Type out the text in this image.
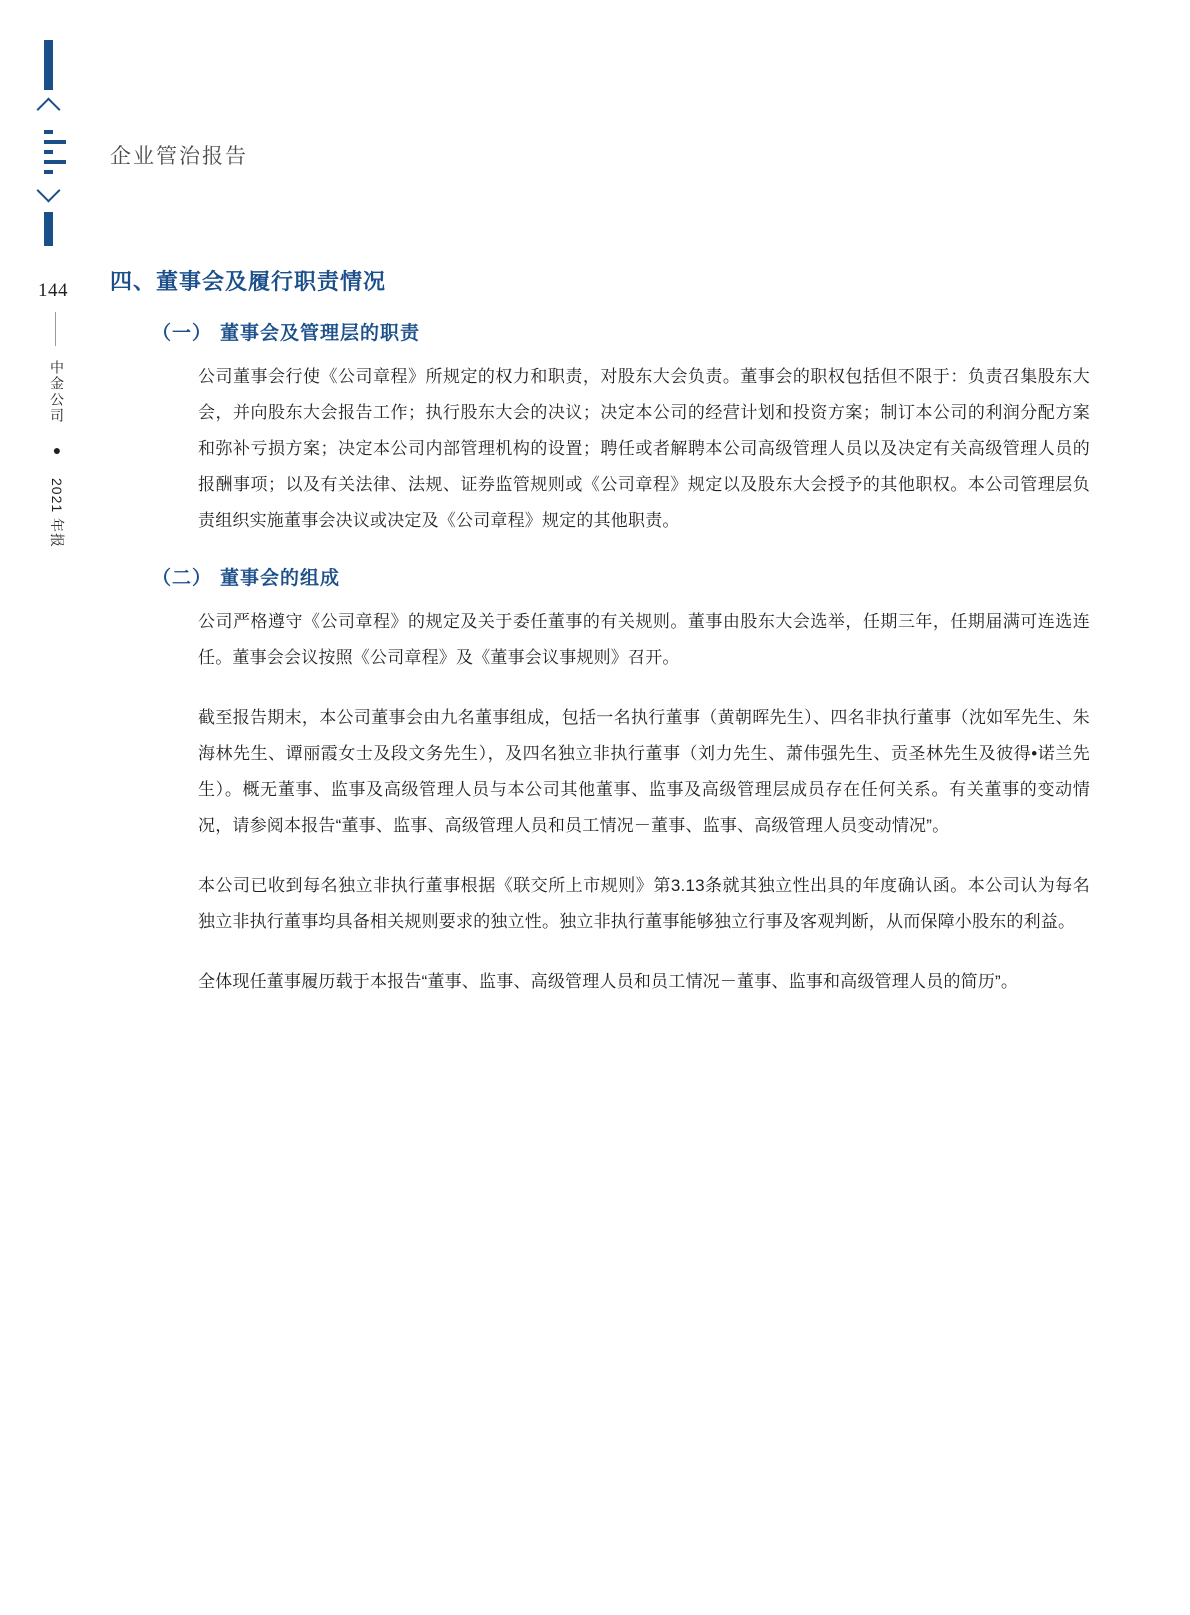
144
中金公司 ● 2021 年报
企业管治报告
四、董事会及履行职责情况
（一） 董事会及管理层的职责

公司董事会行使《公司章程》所规定的权力和职责，对股东大会负责。董事会的职权包括但不限于：负责召集股东大会，并向股东大会报告工作；执行股东大会的决议；决定本公司的经营计划和投资方案；制订本公司的利润分配方案和弥补亏损方案；决定本公司内部管理机构的设置；聘任或者解聘本公司高级管理人员以及决定有关高级管理人员的报酬事项；以及有关法律、法规、证券监管规则或《公司章程》规定以及股东大会授予的其他职权。本公司管理层负责组织实施董事会决议或决定及《公司章程》规定的其他职责。

（二） 董事会的组成

公司严格遵守《公司章程》的规定及关于委任董事的有关规则。董事由股东大会选举，任期三年，任期届满可连选连任。董事会会议按照《公司章程》及《董事会议事规则》召开。

截至报告期末，本公司董事会由九名董事组成，包括一名执行董事（黄朝晖先生）、四名非执行董事（沈如军先生、朱海林先生、谭丽霞女士及段文务先生），及四名独立非执行董事（刘力先生、萧伟强先生、贡圣林先生及彼得•诺兰先生）。概无董事、监事及高级管理人员与本公司其他董事、监事及高级管理层成员存在任何关系。有关董事的变动情况，请参阅本报告“董事、监事、高级管理人员和员工情况－董事、监事、高级管理人员变动情况”。

本公司已收到每名独立非执行董事根据《联交所上市规则》第3.13条就其独立性出具的年度确认函。本公司认为每名独立非执行董事均具备相关规则要求的独立性。独立非执行董事能够独立行事及客观判断，从而保障小股东的利益。

全体现任董事履历载于本报告“董事、监事、高级管理人员和员工情况－董事、监事和高级管理人员的简历”。
